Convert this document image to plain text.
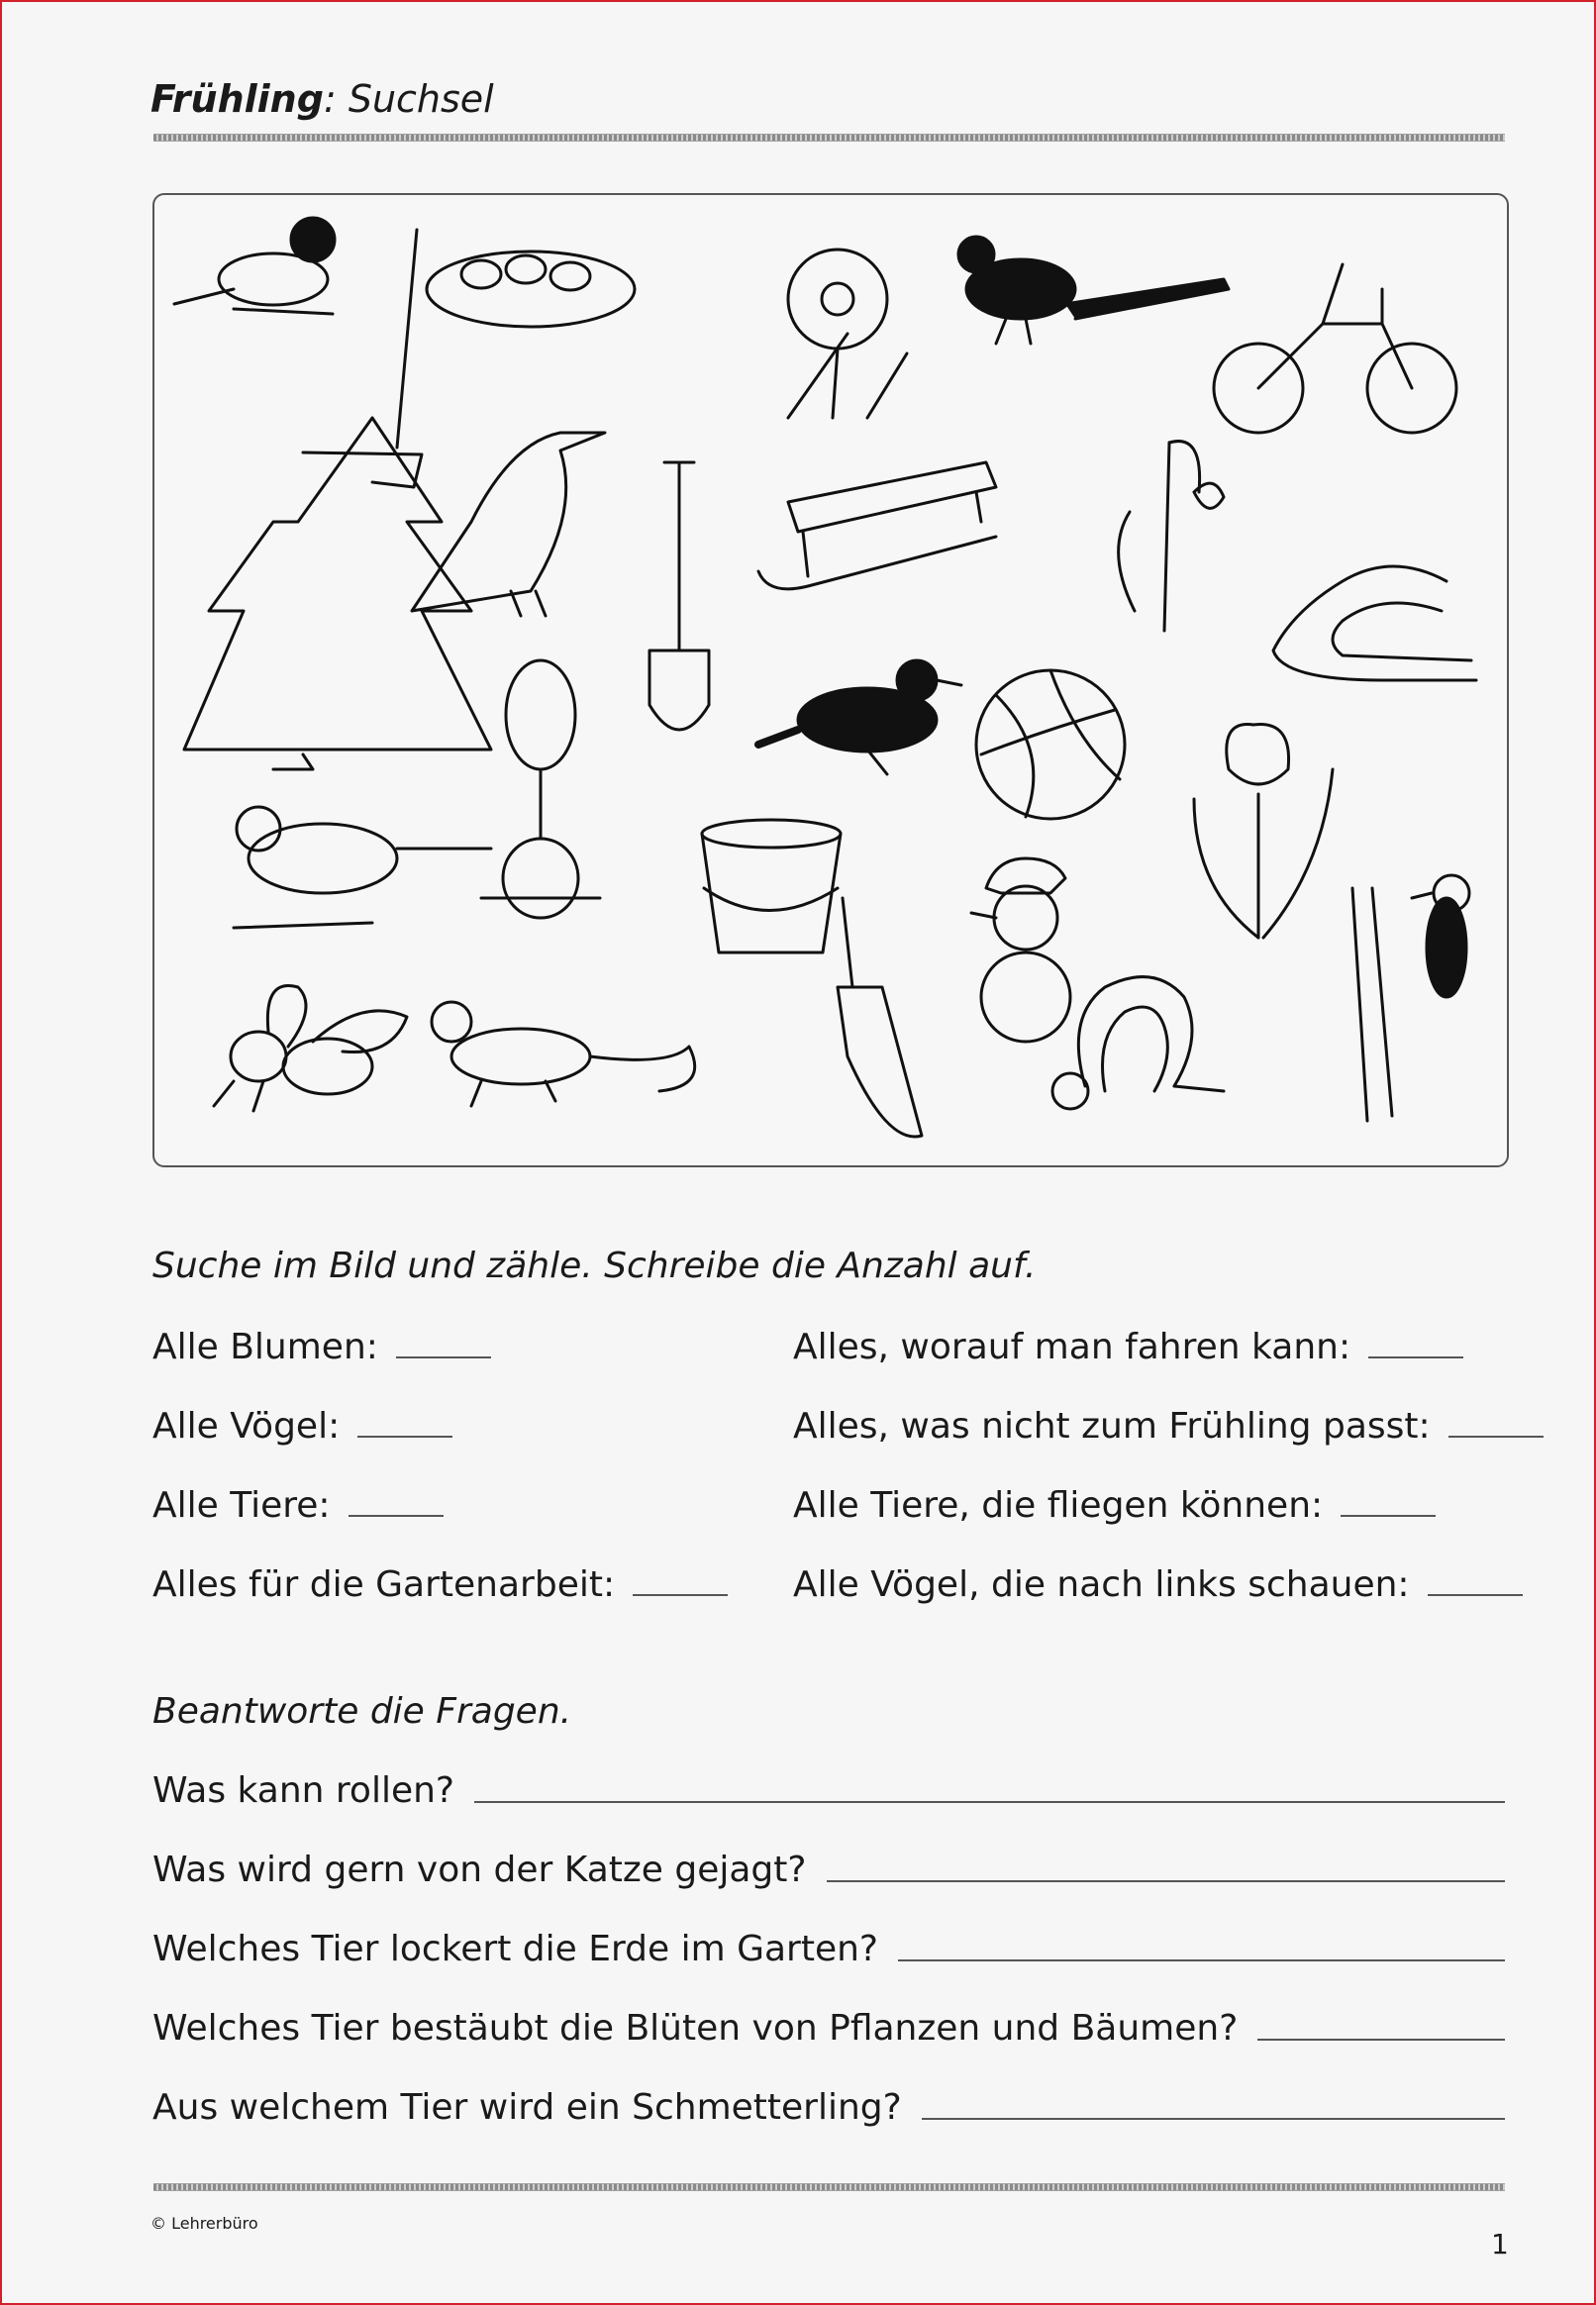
Frühling: Suchsel
Suche im Bild und zähle. Schreibe die Anzahl auf.
Alle Blumen:	Alles, worauf man fahren kann:
Alle Vögel:	Alles, was nicht zum Frühling passt:
Alle Tiere:	Alle Tiere, die fliegen können:
Alles für die Gartenarbeit:	Alle Vögel, die nach links schauen:
Beantworte die Fragen.
Was kann rollen?
Was wird gern von der Katze gejagt?
Welches Tier lockert die Erde im Garten?
Welches Tier bestäubt die Blüten von Pflanzen und Bäumen?
Aus welchem Tier wird ein Schmetterling?
© Lehrerbüro
1
